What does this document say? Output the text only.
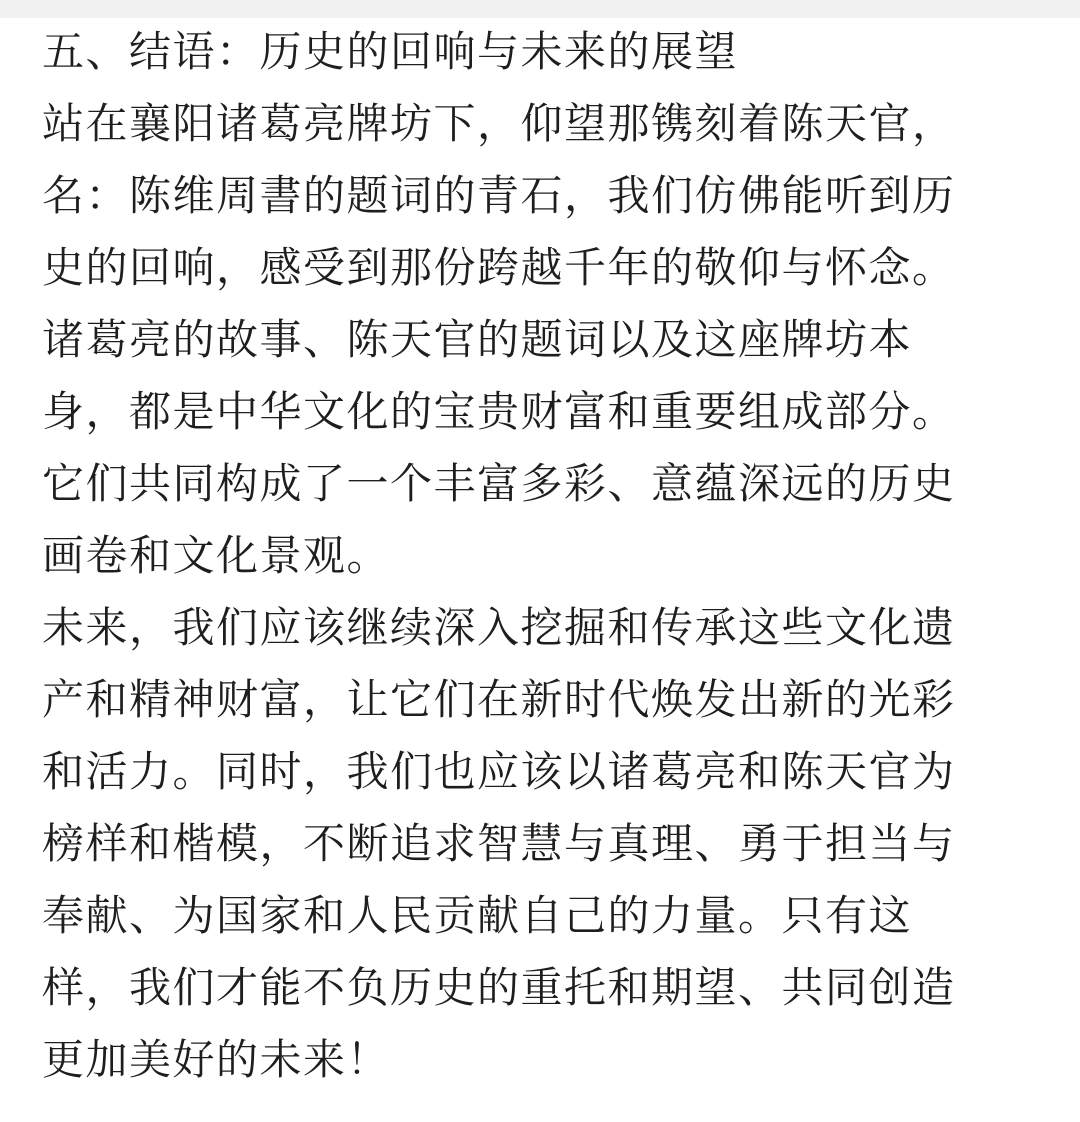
五、结语：历史的回响与未来的展望
站在襄阳诸葛亮牌坊下，仰望那镌刻着陈天官，
名：陈维周書的题词的青石，我们仿佛能听到历
史的回响，感受到那份跨越千年的敬仰与怀念。
诸葛亮的故事、陈天官的题词以及这座牌坊本
身，都是中华文化的宝贵财富和重要组成部分。
它们共同构成了一个丰富多彩、意蕴深远的历史
画卷和文化景观。
未来，我们应该继续深入挖掘和传承这些文化遗
产和精神财富，让它们在新时代焕发出新的光彩
和活力。同时，我们也应该以诸葛亮和陈天官为
榜样和楷模，不断追求智慧与真理、勇于担当与
奉献、为国家和人民贡献自己的力量。只有这
样，我们才能不负历史的重托和期望、共同创造
更加美好的未来！
